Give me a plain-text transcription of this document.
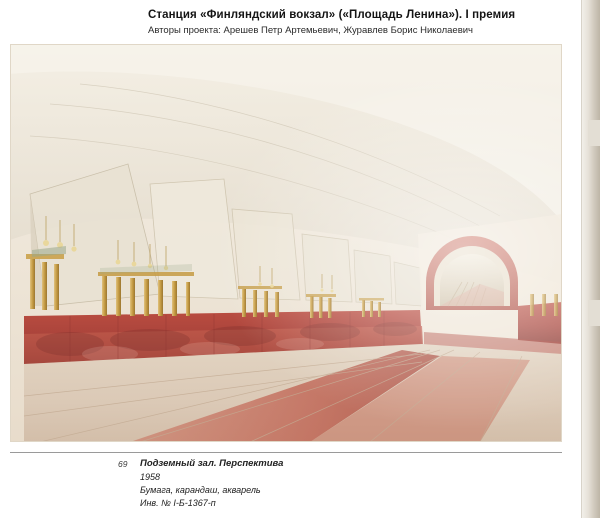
Станция «Финляндский вокзал» («Площадь Ленина»). I премия
Авторы проекта: Арешев Петр Артемьевич, Журавлев Борис Николаевич
69 Подземный зал. Перспектива
1958
Бумага, карандаш, акварель
Инв. № I-Б-1367-п
